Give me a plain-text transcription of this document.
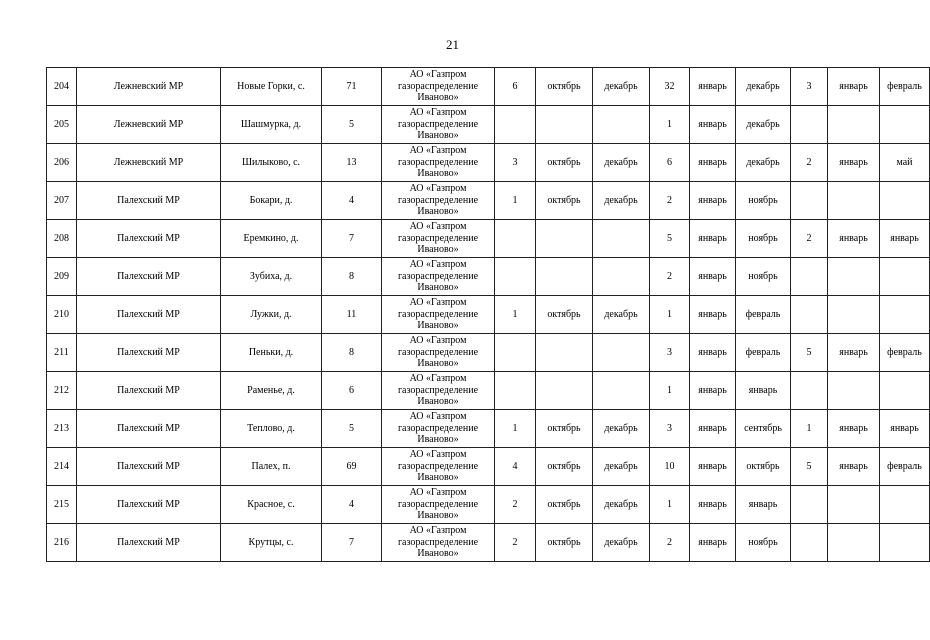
21
204	Лежневский МР	Новые Горки, с.	71	АО «Газпром
газораспределение
Иваново»	6	октябрь	декабрь	32	январь	декабрь	3	январь	февраль
205	Лежневский МР	Шашмурка, д.	5	АО «Газпром
газораспределение
Иваново»				1	январь	декабрь			
206	Лежневский МР	Шилыково, с.	13	АО «Газпром
газораспределение
Иваново»	3	октябрь	декабрь	6	январь	декабрь	2	январь	май
207	Палехский МР	Бокари, д.	4	АО «Газпром
газораспределение
Иваново»	1	октябрь	декабрь	2	январь	ноябрь			
208	Палехский МР	Еремкино, д.	7	АО «Газпром
газораспределение
Иваново»				5	январь	ноябрь	2	январь	январь
209	Палехский МР	Зубиха, д.	8	АО «Газпром
газораспределение
Иваново»				2	январь	ноябрь			
210	Палехский МР	Лужки, д.	11	АО «Газпром
газораспределение
Иваново»	1	октябрь	декабрь	1	январь	февраль			
211	Палехский МР	Пеньки, д.	8	АО «Газпром
газораспределение
Иваново»				3	январь	февраль	5	январь	февраль
212	Палехский МР	Раменье, д.	6	АО «Газпром
газораспределение
Иваново»				1	январь	январь			
213	Палехский МР	Теплово, д.	5	АО «Газпром
газораспределение
Иваново»	1	октябрь	декабрь	3	январь	сентябрь	1	январь	январь
214	Палехский МР	Палех, п.	69	АО «Газпром
газораспределение
Иваново»	4	октябрь	декабрь	10	январь	октябрь	5	январь	февраль
215	Палехский МР	Красное, с.	4	АО «Газпром
газораспределение
Иваново»	2	октябрь	декабрь	1	январь	январь			
216	Палехский МР	Крутцы, с.	7	АО «Газпром
газораспределение
Иваново»	2	октябрь	декабрь	2	январь	ноябрь			
